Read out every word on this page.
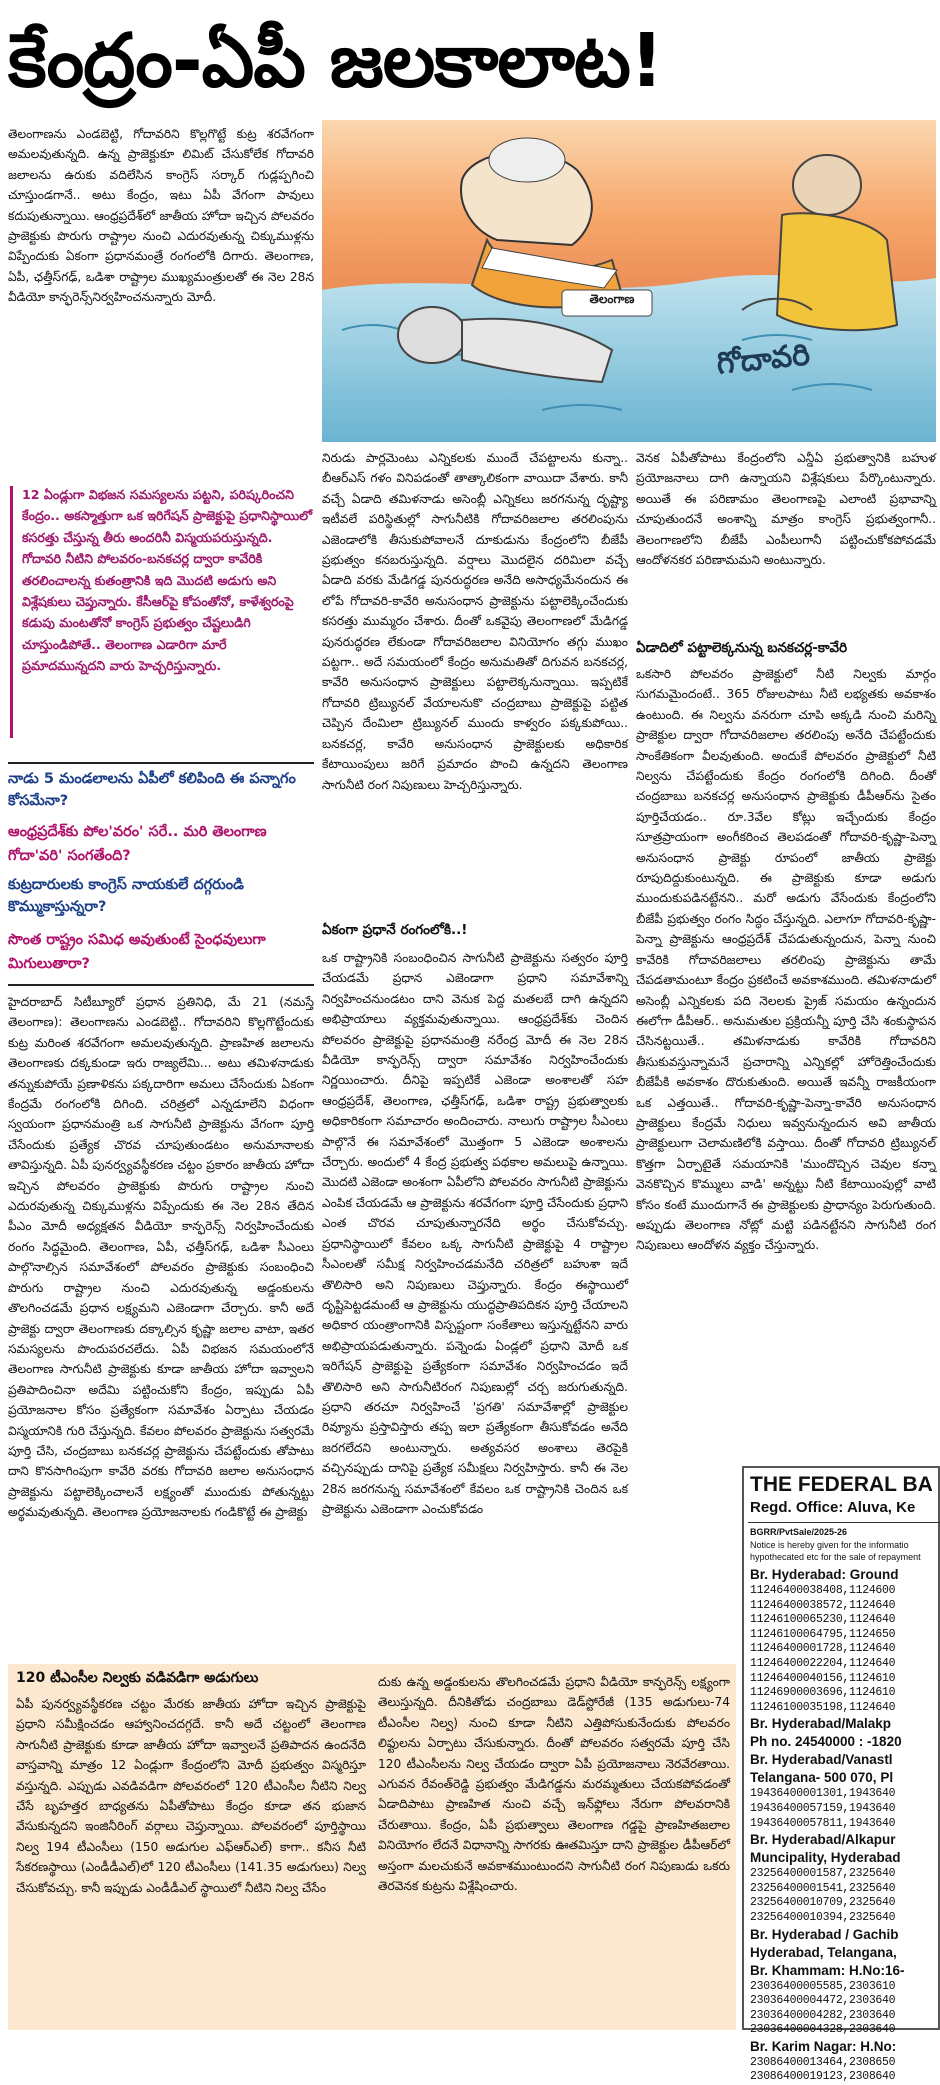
కేంద్రం-ఏపీ జలకాలాట!
తెలంగాణ
గోదావరి
తెలంగాణను ఎండబెట్టి, గోదావరిని కొల్లగొట్టే కుట్ర శరవేగంగా అమలవుతున్నది. ఉన్న ప్రాజెక్టుకూ లిమిట్ చేసుకోలేక గోదావరి జలాలను ఉరుకు వదిలేసిన కాంగ్రెస్ సర్కార్ గుడ్లప్పగించి చూస్తుండగానే.. అటు కేంద్రం, ఇటు ఏపీ వేగంగా పావులు కదుపుతున్నాయి. ఆంధ్రప్రదేశ్‌లో జాతీయ హోదా ఇచ్చిన పోలవరం ప్రాజెక్టుకు పొరుగు రాష్ట్రాల నుంచి ఎదురవుతున్న చిక్కుముళ్లను విప్పేందుకు ఏకంగా ప్రధానమంత్రే రంగంలోకి దిగారు. తెలంగాణ, ఏపీ, ఛత్తీస్‌గఢ్, ఒడిశా రాష్ట్రాల ముఖ్యమంత్రులతో ఈ నెల 28న వీడియో కాన్ఫరెన్స్‌నిర్వహించనున్నారు మోదీ.
12 ఏండ్లుగా విభజన సమస్యలను పట్టని, పరిష్కరించని కేంద్రం.. అకస్మాత్తుగా ఒక ఇరిగేషన్ ప్రాజెక్టుపై ప్రధానిస్థాయిలో కసరత్తు చేస్తున్న తీరు అందరినీ విస్మయపరుస్తున్నది. గోదావరి నీటిని పోలవరం-బనకచర్ల ద్వారా కావేరికి తరలించాలన్న కుతంత్రానికి ఇది మొదటి అడుగు అని విశ్లేషకులు చెప్తున్నారు. కేసీఆర్‌పై కోపంతోనో, కాళేశ్వరంపై కడుపు మంటతోనో కాంగ్రెస్ ప్రభుత్వం చేష్టలుడిగి చూస్తుండిపోతే.. తెలంగాణ ఎడారిగా మారే ప్రమాదమున్నదని వారు హెచ్చరిస్తున్నారు.
నాడు 5 మండలాలను ఏపీలో కలిపింది ఈ పన్నాగం కోసమేనా?
ఆంధ్రప్రదేశ్‌కు పోల'వరం' సరే.. మరి తెలంగాణ గోదా'వరి' సంగతేంది?
కుట్రదారులకు కాంగ్రెస్ నాయకులే దగ్గరుండి కొమ్ముకాస్తున్నరా?
సొంత రాష్ట్రం సమిధ అవుతుంటే సైంధవులుగా మిగులుతారా?
హైదరాబాద్ సిటీబ్యూరో ప్రధాన ప్రతినిధి, మే 21 (నమస్తే తెలంగాణ): తెలంగాణను ఎండబెట్టి.. గోదావరిని కొల్లగొట్టేందుకు కుట్ర మరింత శరవేగంగా అమలవుతున్నది. ప్రాణహిత జలాలను తెలంగాణకు దక్కకుండా ఇరు రాజ్యలేమి... అటు తమిళనాడుకు తన్నుకుపోయే ప్రణాళికను పక్కదారిగా అమలు చేసేందుకు ఏకంగా కేంద్రమే రంగంలోకి దిగింది. చరిత్రలో ఎన్నడూలేని విధంగా స్వయంగా ప్రధానమంత్రి ఒక సాగునీటి ప్రాజెక్టును వేగంగా పూర్తి చేసేందుకు ప్రత్యేక చొరవ చూపుతుండటం అనుమానాలకు తావిస్తున్నది. ఏపీ పునర్వ్యవస్థీకరణ చట్టం ప్రకారం జాతీయ హోదా ఇచ్చిన పోలవరం ప్రాజెక్టుకు పొరుగు రాష్ట్రాల నుంచి ఎదురవుతున్న చిక్కుముళ్లను విప్పేందుకు ఈ నెల 28న తేదిన పీఎం మోదీ అధ్యక్షతన వీడియో కాన్ఫరెన్స్ నిర్వహించేందుకు రంగం సిద్ధమైంది. తెలంగాణ, ఏపీ, ఛత్తీస్‌గఢ్, ఒడిశా సీఎంలు పాల్గొనాల్సిన సమావేశంలో పోలవరం ప్రాజెక్టుకు సంబంధించి పొరుగు రాష్ట్రాల నుంచి ఎదురవుతున్న అడ్డంకులను తొలగించడమే ప్రధాన లక్ష్యమని ఎజెండాగా చేర్చారు. కానీ అదే ప్రాజెక్టు ద్వారా తెలంగాణకు దక్కాల్సిన కృష్ణా జలాల వాటా, ఇతర సమస్యలను పొందుపరచలేదు. ఏపీ విభజన సమయంలోనే తెలంగాణ సాగునీటి ప్రాజెక్టుకు కూడా జాతీయ హోదా ఇవ్వాలని ప్రతిపాదించినా అదేమి పట్టించుకోని కేంద్రం, ఇప్పుడు ఏపీ ప్రయోజనాల కోసం ప్రత్యేకంగా సమావేశం ఏర్పాటు చేయడం విస్మయానికి గురి చేస్తున్నది. కేవలం పోలవరం ప్రాజెక్టును సత్వరమే పూర్తి చేసి, చంద్రబాబు బనకచర్ల ప్రాజెక్టును చేపట్టేందుకు తోపాటు దాని కొనసాగింపుగా కావేరి వరకు గోదావరి జలాల అనుసంధాన ప్రాజెక్టును పట్టాలెక్కించాలనే లక్ష్యంతో ముందుకు పోతున్నట్టు అర్థమవుతున్నది. తెలంగాణ ప్రయోజనాలకు గండికొట్టే ఈ ప్రాజెక్టు
నిరుడు పార్లమెంటు ఎన్నికలకు ముందే చేపట్టాలను కున్నా.. బీఆర్‌ఎస్ గళం వినిపడంతో తాత్కాలికంగా వాయిదా వేశారు. కానీ వచ్చే ఏడాది తమిళనాడు అసెంబ్లీ ఎన్నికలు జరగనున్న దృష్ట్యా ఇటీవలే పరిస్థితుల్లో సాగునీటికి గోదావరిజలాల తరలింపును ఎజెండాలోకి తీసుకుపోవాలనే దూకుడును కేంద్రంలోని బీజేపీ ప్రభుత్వం కనబరుస్తున్నది. వర్షాలు మొదలైన దరిమిలా వచ్చే ఏడాది వరకు మేడిగడ్డ పునరుద్ధరణ అనేది అసాధ్యమేనందున ఈ లోపే గోదావరి-కావేరి అనుసంధాన ప్రాజెక్టును పట్టాలెక్కించేందుకు కసరత్తు ముమ్మరం చేశారు. దీంతో ఒకవైపు తెలంగాణలో మేడిగడ్డ పునరుద్ధరణ లేకుండా గోదావరిజలాల వినియోగం తగ్గు ముఖం పట్టగా.. అదే సమయంలో కేంద్రం అనుమతితో దిగువన బనకచర్ల, కావేరి అనుసంధాన ప్రాజెక్టులు పట్టాలెక్కనున్నాయి. ఇప్పటికే గోదావరి ట్రిబ్యునల్ వేయాలనుకొ చంద్రబాబు ప్రాజెక్టుపై పట్టిత చెప్పిన దేంమిలా ట్రిబ్యునల్ ముందు కాళ్వరం పక్కకుపోయి.. బనకచర్ల, కావేరి అనుసంధాన ప్రాజెక్టులకు అధికారిక కేటాయింపులు జరిగే ప్రమాదం పొంచి ఉన్నదని తెలంగాణ సాగునీటి రంగ నిపుణులు హెచ్చరిస్తున్నారు.
ఏకంగా ప్రధానే రంగంలోకి..!
ఒక రాష్ట్రానికి సంబంధించిన సాగునీటి ప్రాజెక్టును సత్వరం పూర్తి చేయడమే ప్రధాన ఎజెండాగా ప్రధాని సమావేశాన్ని నిర్వహించనుండటం దాని వెనుక పెద్ద మతలబే దాగి ఉన్నదని అభిప్రాయాలు వ్యక్తమవుతున్నాయి. ఆంధ్రప్రదేశ్‌కు చెందిన పోలవరం ప్రాజెక్టుపై ప్రధానమంత్రి నరేంద్ర మోదీ ఈ నెల 28న వీడియో కాన్ఫరెన్స్ ద్వారా సమావేశం నిర్వహించేందుకు నిర్ణయించారు. దీనిపై ఇప్పటికే ఎజెండా అంశాలతో సహ ఆంధ్రప్రదేశ్, తెలంగాణ, ఛత్తీస్‌గఢ్, ఒడిశా రాష్ట్ర ప్రభుత్వాలకు అధికారికంగా సమాచారం అందించారు. నాలుగు రాష్ట్రాల సీఎంలు పాల్గొనే ఈ సమావేశంలో మొత్తంగా 5 ఎజెండా అంశాలను చేర్చారు. అందులో 4 కేంద్ర ప్రభుత్వ పథకాల అమలుపై ఉన్నాయి. మొదటి ఎజెండా అంశంగా ఏపీలోని పోలవరం సాగునీటి ప్రాజెక్టును ఎంపిక చేయడమే ఆ ప్రాజెక్టును శరవేగంగా పూర్తి చేసేందుకు ప్రధాని ఎంత చొరవ చూపుతున్నారనేది అర్థం చేసుకోవచ్చు. ప్రధానిస్థాయిలో కేవలం ఒక్క సాగునీటి ప్రాజెక్టుపై 4 రాష్ట్రాల సీఎంలతో సమీక్ష నిర్వహించడమనేది చరిత్రలో బహుశా ఇదే తొలిసారి అని నిపుణులు చెప్తున్నారు. కేంద్రం ఈస్థాయిలో దృష్టిపెట్టడమంటే ఆ ప్రాజెక్టును యుద్ధప్రాతిపదికన పూర్తి చేయాలని అధికార యంత్రాంగానికి విస్పష్టంగా సంకేతాలు ఇస్తున్నట్టేనని వారు అభిప్రాయపడుతున్నారు. పన్నెండు ఏండ్లలో ప్రధాని మోదీ ఒక ఇరిగేషన్ ప్రాజెక్టుపై ప్రత్యేకంగా సమావేశం నిర్వహించడం ఇదే తొలిసారి అని సాగునీటిరంగ నిపుణుల్లో చర్చ జరుగుతున్నది. ప్రధాని తరచూ నిర్వహించే 'ప్రగతి' సమావేశాల్లో ప్రాజెక్టుల రివ్యూను ప్రస్తావిస్తారు తప్ప ఇలా ప్రత్యేకంగా తీసుకోవడం అనేది జరగలేదని అంటున్నారు. అత్యవసర అంశాలు తెరపైకి వచ్చినప్పుడు దానిపై ప్రత్యేక సమీక్షలు నిర్వహిస్తారు. కానీ ఈ నెల 28న జరగనున్న సమావేశంలో కేవలం ఒక రాష్ట్రానికి చెందిన ఒక ప్రాజెక్టును ఎజెండాగా ఎంచుకోవడం
వెనక ఏపీతోపాటు కేంద్రంలోని ఎన్డీఏ ప్రభుత్వానికి బహుళ ప్రయోజనాలు దాగి ఉన్నాయని విశ్లేషకులు పేర్కొంటున్నారు. అయితే ఈ పరిణామం తెలంగాణపై ఎలాంటి ప్రభావాన్ని చూపుతుందనే అంశాన్ని మాత్రం కాంగ్రెస్ ప్రభుత్వంగానీ.. తెలంగాణలోని బీజేపీ ఎంపీలుగానీ పట్టించుకోకపోవడమే ఆందోళనకర పరిణామమని అంటున్నారు.
ఏడాదిలో పట్టాలెక్కనున్న బనకచర్ల-కావేరి
ఒకసారి పోలవరం ప్రాజెక్టులో నీటి నిల్వకు మార్గం సుగమమైందంటే.. 365 రోజులపాటు నీటి లభ్యతకు అవకాశం ఉంటుంది. ఈ నిల్వను వనరుగా చూపి అక్కడి నుంచి మరిన్ని ప్రాజెక్టుల ద్వారా గోదావరిజలాల తరలింపు అనేది చేపట్టేందుకు సాంకేతికంగా వీలవుతుంది. అందుకే పోలవరం ప్రాజెక్టులో నీటి నిల్వను చేపట్టేందుకు కేంద్రం రంగంలోకి దిగింది. దీంతో చంద్రబాబు బనకచర్ల అనుసంధాన ప్రాజెక్టుకు డీపీఆర్‌ను సైతం పూర్తిచేయడం.. రూ.3వేల కోట్లు ఇచ్చేందుకు కేంద్రం సూత్రప్రాయంగా అంగీకరించ తెలపడంతో గోదావరి-కృష్ణా-పెన్నా అనుసంధాన ప్రాజెక్టు రూపంలో జాతీయ ప్రాజెక్టు రూపుదిద్దుకుంటున్నది. ఈ ప్రాజెక్టుకు కూడా అడుగు ముందుకుపడినట్టేనని.. మరో అడుగు వేసేందుకు కేంద్రంలోని బీజేపీ ప్రభుత్వం రంగం సిద్ధం చేస్తున్నది. ఎలాగూ గోదావరి-కృష్ణా-పెన్నా ప్రాజెక్టును ఆంధ్రప్రదేశ్ చేపడుతున్నందున, పెన్నా నుంచి కావేరికి గోదావరిజలాలు తరలింపు ప్రాజెక్టును తామే చేపడతామంటూ కేంద్రం ప్రకటించే అవకాశముంది. తమిళనాడులో అసెంబ్లీ ఎన్నికలకు పది నెలలకు ప్రైజ్ సమయం ఉన్నందున ఈలోగా డీపీఆర్.. అనుమతుల ప్రక్రియన్నీ పూర్తి చేసి శంకుస్థాపన చేసినట్టయితే.. తమిళనాడుకు కావేరికి గోదావరిని తీసుకువస్తున్నామనే ప్రచారాన్ని ఎన్నికల్లో హోరెత్తించేందుకు బీజేపీకి అవకాశం దొరుకుతుంది. అయితే ఇవన్నీ రాజకీయంగా ఒక ఎత్తయితే.. గోదావరి-కృష్ణా-పెన్నా-కావేరి అనుసంధాన ప్రాజెక్టులు కేంద్రమే నిధులు ఇవ్వనున్నందున అవి జాతీయ ప్రాజెక్టులుగా చెలామణిలోకి వస్తాయి. దీంతో గోదావరి ట్రిబ్యునల్ కొత్తగా ఏర్పాటైతే సమయానికి 'ముందొచ్చిన చెవుల కన్నా వెనకొచ్చిన కొమ్ములు వాడి' అన్నట్టు నీటి కేటాయింపుల్లో వాటి కోసం కంటే ముందుగానే ఈ ప్రాజెక్టులకు ప్రాధాన్యం పెరుగుతుంది. అప్పుడు తెలంగాణ నోట్లో మట్టి పడినట్టేనని సాగునీటి రంగ నిపుణులు ఆందోళన వ్యక్తం చేస్తున్నారు.
120 టీఎంసీల నిల్వకు వడివడిగా అడుగులు
ఏపీ పునర్వ్యవస్థీకరణ చట్టం మేరకు జాతీయ హోదా ఇచ్చిన ప్రాజెక్టుపై ప్రధాని సమీక్షించడం ఆహ్వానించదగ్గదే. కానీ అదే చట్టంలో తెలంగాణ సాగునీటి ప్రాజెక్టుకు కూడా జాతీయ హోదా ఇవ్వాలనే ప్రతిపాదన ఉందనేది వాస్తవాన్ని మాత్రం 12 ఏండ్లుగా కేంద్రంలోని మోదీ ప్రభుత్వం విస్మరిస్తూ వస్తున్నది. ఎప్పుడు ఎవడివడిగా పోలవరంలో 120 టీఎంసీల నీటిని నిల్వ చేసే బృహత్తర బాధ్యతను ఏపీతోపాటు కేంద్రం కూడా తన భుజాన వేసుకున్నదని ఇంజినీరింగ్ వర్గాలు చెప్తున్నాయి. పోలవరంలో పూర్తిస్థాయి నిల్వ 194 టీఎంసీలు (150 అడుగుల ఎఫ్‌ఆర్‌ఎల్) కాగా.. కనీస నీటి సేకరణస్థాయి (ఎండీడీఎల్)లో 120 టీఎంసీలు (141.35 అడుగులు) నిల్వ చేసుకోవచ్చు. కానీ ఇప్పుడు ఎండీడీఎల్ స్థాయిలో నీటిని నిల్వ చేసేం
దుకు ఉన్న అడ్డంకులను తొలగించడమే ప్రధాని వీడియో కాన్ఫరెన్స్ లక్ష్యంగా తెలుస్తున్నది. దీనికితోడు చంద్రబాబు డెడ్‌స్టోరేజీ (135 అడుగులు-74 టీఎంసీల నిల్వ) నుంచి కూడా నీటిని ఎత్తిపోసుకునేందుకు పోలవరం లిఫ్టులను ఏర్పాటు చేసుకున్నారు. దీంతో పోలవరం సత్వరమే పూర్తి చేసి 120 టీఎంసీలను నిల్వ చేయడం ద్వారా ఏపీ ప్రయోజనాలు నెరవేరతాయి. ఎగువన రేవంత్‌రెడ్డి ప్రభుత్వం మేడిగడ్డను మరమ్మతులు చేయకపోవడంతో ఏడాదిపాటు ప్రాణహిత నుంచి వచ్చే ఇన్‌ఫ్లోలు నేరుగా పోలవరానికి చేరుతాయి. కేంద్రం, ఏపీ ప్రభుత్వాలు తెలంగాణ గడ్డపై ప్రాణహితజలాల వినియోగం లేదనే విధానాన్ని సాగరకు ఊతమిస్తూ దాని ప్రాజెక్టుల డీపీఆర్‌లో అస్తంగా మలచుకునే అవకాశముంటుందని సాగునీటి రంగ నిపుణుడు ఒకరు తెరవెనక కుట్రను విశ్లేషించారు.
THE FEDERAL BA
Regd. Office: Aluva, Ke
BGRR/PvtSale/2025-26
Notice is hereby given for the informatio
hypothecated etc for the sale of repayment
Br. Hyderabad: Ground
11246400038408,1124600
11246400038572,1124640
11246100065230,1124640
11246100064795,1124650
11246400001728,1124640
11246400022204,1124640
11246400040156,1124610
11246900003696,1124610
11246100035198,1124640
Br. Hyderabad/Malakp
Ph no. 24540000 : -1820
Br. Hyderabad/Vanastl
Telangana- 500 070, Pl
19436400001301,1943640
19436400057159,1943640
19436400057811,1943640
Br. Hyderabad/Alkapur
Muncipality, Hyderabad
23256400001587,2325640
23256400001541,2325640
23256400010709,2325640
23256400010394,2325640
Br. Hyderabad / Gachib
Hyderabad, Telangana,
Br. Khammam: H.No:16-
23036400005585,2303610
23036400004472,2303640
23036400004282,2303640
23036400004328,2303640
Br. Karim Nagar: H.No:
23086400013464,2308650
23086400019123,2308640
